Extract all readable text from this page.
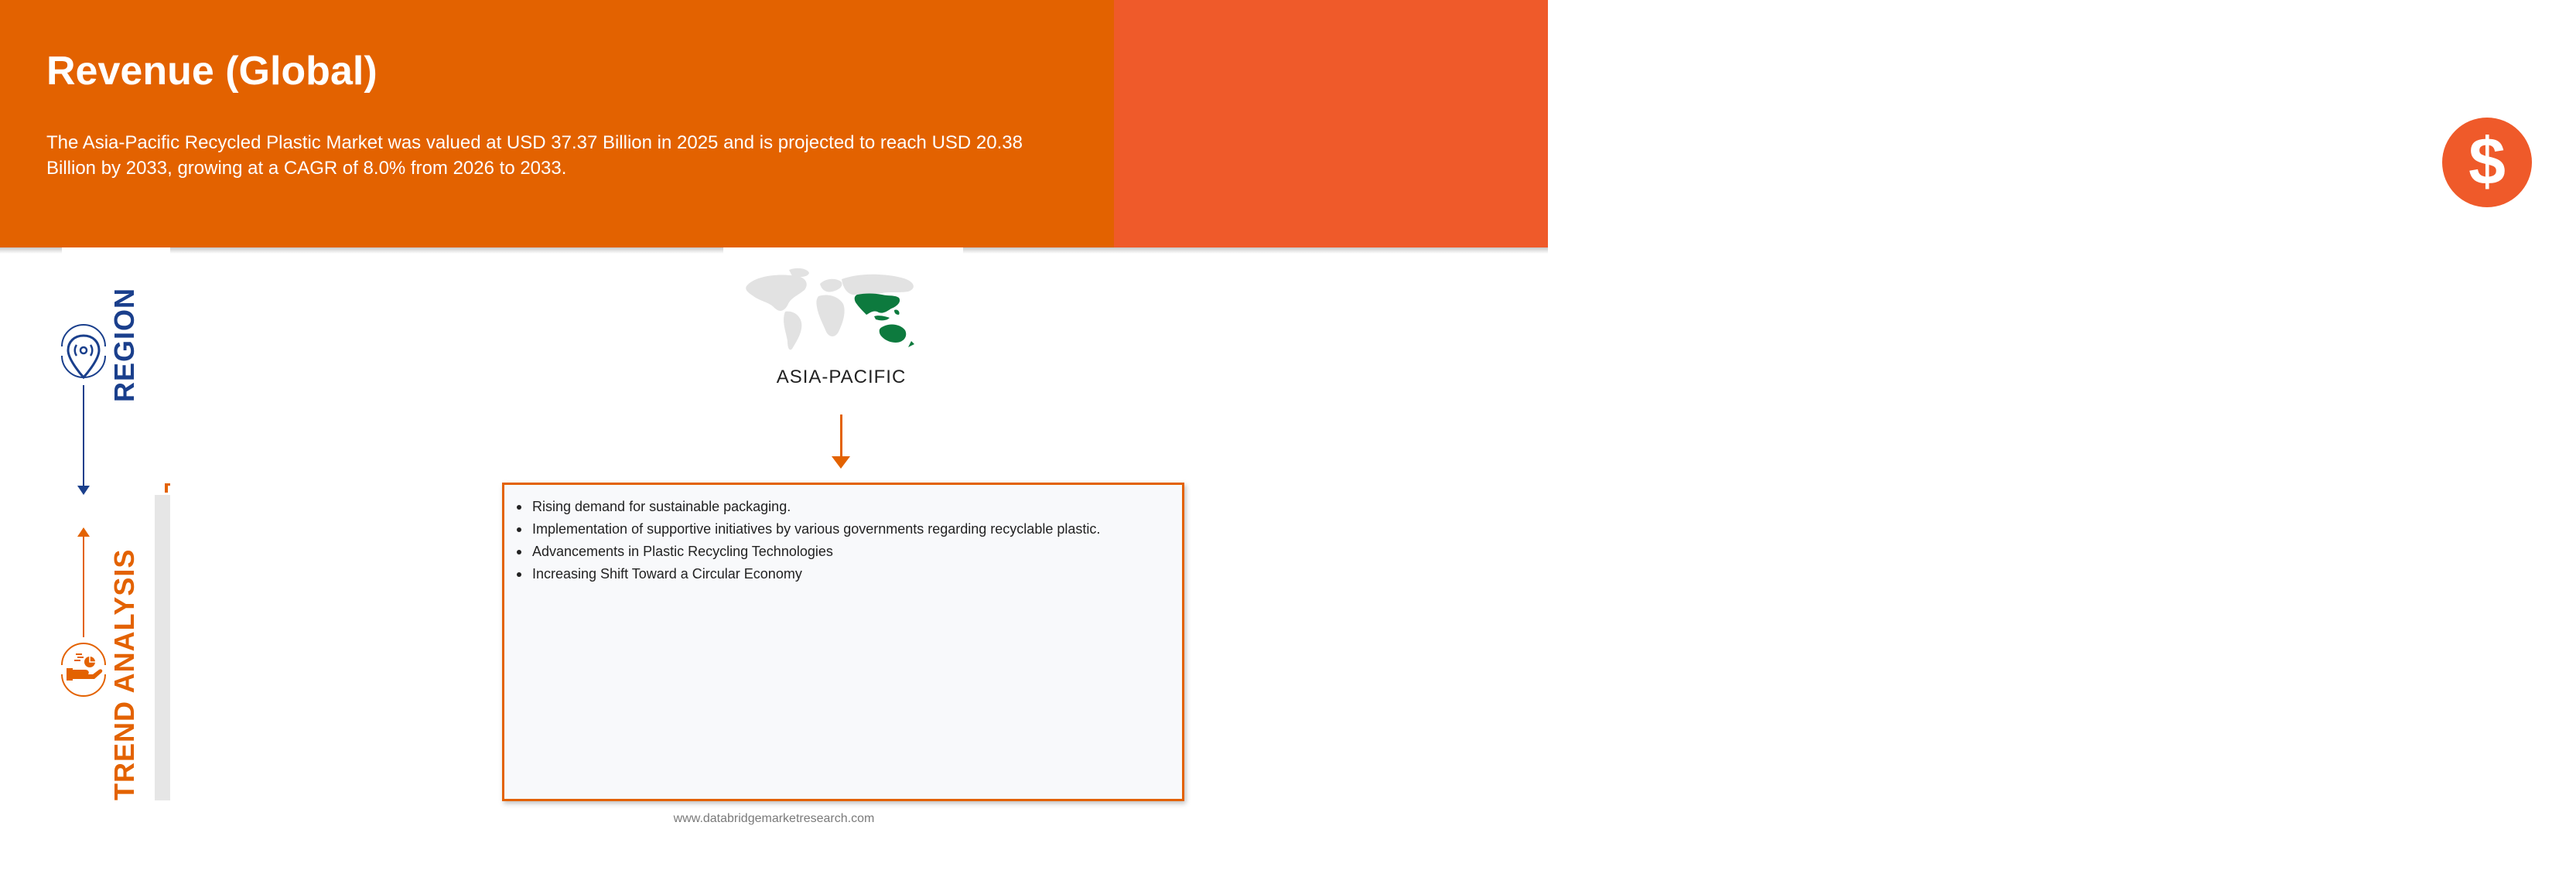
Revenue (Global)

The Asia-Pacific Recycled Plastic Market was valued at USD 37.37 Billion in 2025 and is projected to reach USD 20.38 Billion by 2033, growing at a CAGR of 8.0% from 2026 to 2033.	$
REGION
TREND ANALYSIS
ASIA-PACIFIC
Rising demand for sustainable packaging.
Implementation of supportive initiatives by various governments regarding recyclable plastic.
Advancements in Plastic Recycling Technologies
Increasing Shift Toward a Circular Economy
www.databridgemarketresearch.com
